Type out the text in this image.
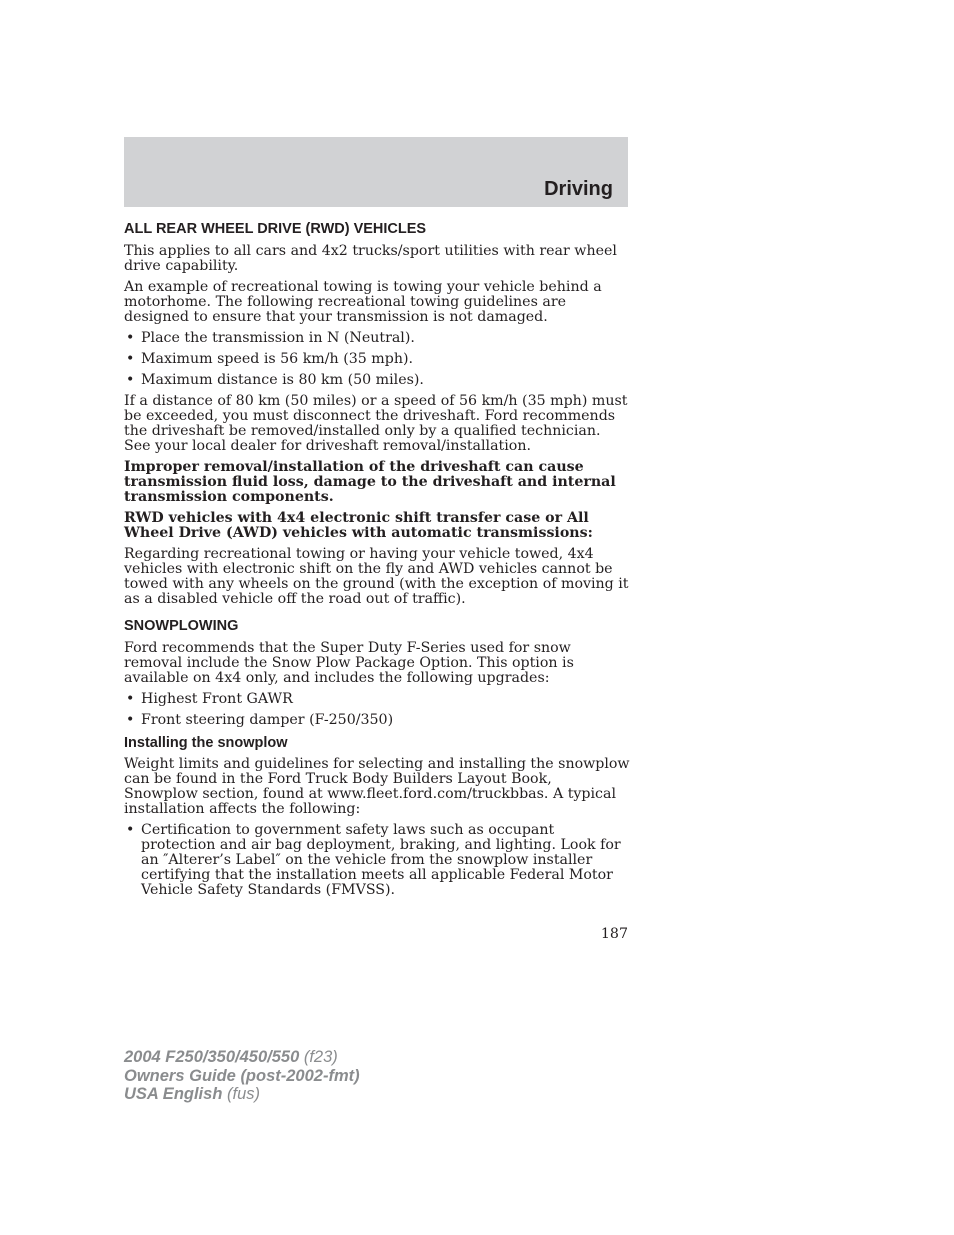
Driving
ALL REAR WHEEL DRIVE (RWD) VEHICLES

This applies to all cars and 4x2 trucks/sport utilities with rear wheel drive capability.

An example of recreational towing is towing your vehicle behind a motorhome. The following recreational towing guidelines are designed to ensure that your transmission is not damaged.

• Place the transmission in N (Neutral).
• Maximum speed is 56 km/h (35 mph).
• Maximum distance is 80 km (50 miles).

If a distance of 80 km (50 miles) or a speed of 56 km/h (35 mph) must be exceeded, you must disconnect the driveshaft. Ford recommends the driveshaft be removed/installed only by a qualified technician. See your local dealer for driveshaft removal/installation.

Improper removal/installation of the driveshaft can cause transmission fluid loss, damage to the driveshaft and internal transmission components.

RWD vehicles with 4x4 electronic shift transfer case or All Wheel Drive (AWD) vehicles with automatic transmissions:

Regarding recreational towing or having your vehicle towed, 4x4 vehicles with electronic shift on the fly and AWD vehicles cannot be towed with any wheels on the ground (with the exception of moving it as a disabled vehicle off the road out of traffic).

SNOWPLOWING

Ford recommends that the Super Duty F-Series used for snow removal include the Snow Plow Package Option. This option is available on 4x4 only, and includes the following upgrades:

• Highest Front GAWR
• Front steering damper (F-250/350)
Installing the snowplow

Weight limits and guidelines for selecting and installing the snowplow can be found in the Ford Truck Body Builders Layout Book, Snowplow section, found at www.fleet.ford.com/truckbbas. A typical installation affects the following:

• Certification to government safety laws such as occupant protection and air bag deployment, braking, and lighting. Look for an ″Alterer’s Label″ on the vehicle from the snowplow installer certifying that the installation meets all applicable Federal Motor Vehicle Safety Standards (FMVSS).
187
2004 F250/350/450/550 (f23)
Owners Guide (post-2002-fmt)
USA English (fus)
